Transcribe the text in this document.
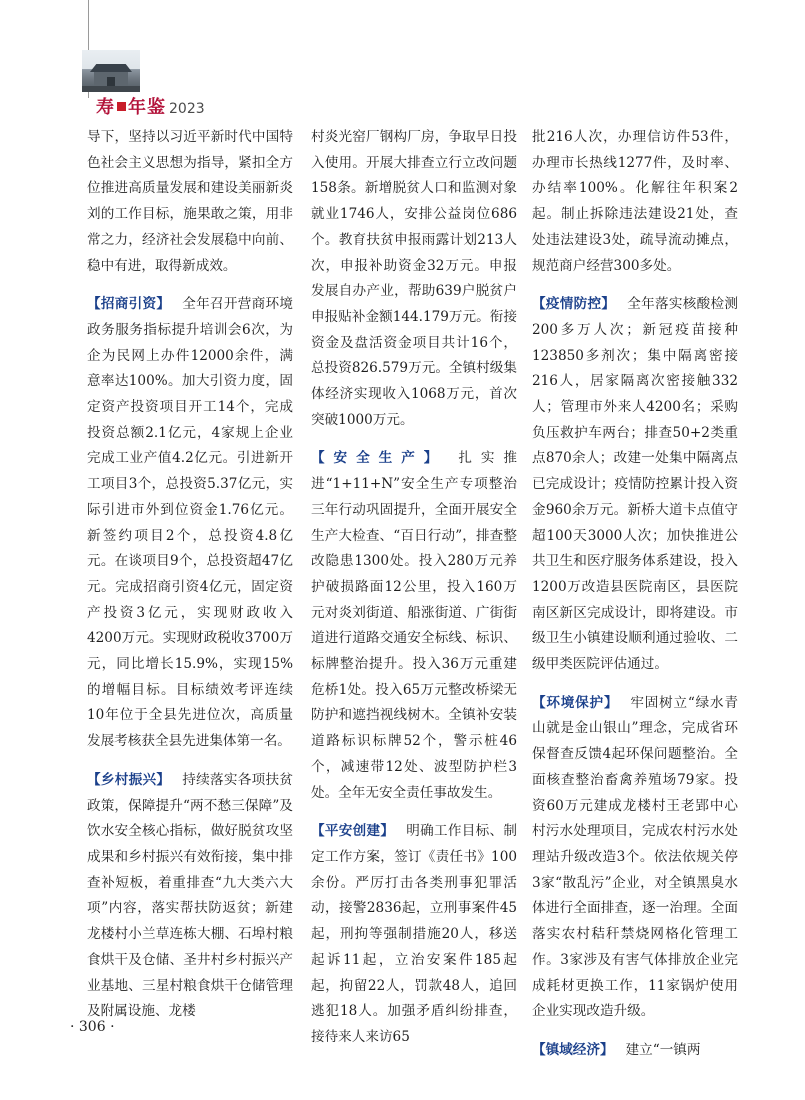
寿 年鉴 2023

导下，坚持以习近平新时代中国特色社会主义思想为指导，紧扣全方位推进高质量发展和建设美丽新炎刘的工作目标，施果敢之策，用非常之力，经济社会发展稳中向前、稳中有进，取得新成效。

【招商引资】 全年召开营商环境政务服务指标提升培训会6次，为企为民网上办件12000余件，满意率达100%。加大引资力度，固定资产投资项目开工14个，完成投资总额2.1亿元，4家规上企业完成工业产值4.2亿元。引进新开工项目3个，总投资5.37亿元，实际引进市外到位资金1.76亿元。新签约项目2个，总投资4.8亿元。在谈项目9个，总投资超47亿元。完成招商引资4亿元，固定资产投资3亿元，实现财政收入4200万元。实现财政税收3700万元，同比增长15.9%，实现15%的增幅目标。目标绩效考评连续10年位于全县先进位次，高质量发展考核获全县先进集体第一名。

【乡村振兴】 持续落实各项扶贫政策，保障提升“两不愁三保障”及饮水安全核心指标，做好脱贫攻坚成果和乡村振兴有效衔接，集中排查补短板，着重排查“九大类六大项”内容，落实帮扶防返贫；新建龙楼村小兰草连栋大棚、石埠村粮食烘干及仓储、圣井村乡村振兴产业基地、三星村粮食烘干仓储管理及附属设施、龙楼

村炎光窑厂钢构厂房，争取早日投入使用。开展大排查立行立改问题158条。新增脱贫人口和监测对象就业1746人，安排公益岗位686个。教育扶贫申报雨露计划213人次，申报补助资金32万元。申报发展自办产业，帮助639户脱贫户申报贴补金额144.179万元。衔接资金及盘活资金项目共计16个，总投资826.579万元。全镇村级集体经济实现收入1068万元，首次突破1000万元。

【安全生产】 扎实推进“1+11+N”安全生产专项整治三年行动巩固提升，全面开展安全生产大检查、“百日行动”，排查整改隐患1300处。投入280万元养护破损路面12公里，投入160万元对炎刘街道、船涨街道、广街街道进行道路交通安全标线、标识、标牌整治提升。投入36万元重建危桥1处。投入65万元整改桥梁无防护和遮挡视线树木。全镇补安装道路标识标牌52个，警示桩46个，减速带12处、波型防护栏3处。全年无安全责任事故发生。

【平安创建】 明确工作目标、制定工作方案，签订《责任书》100余份。严厉打击各类刑事犯罪活动，接警2836起，立刑事案件45起，刑拘等强制措施20人，移送起诉11起，立治安案件185起起，拘留22人，罚款48人，追回逃犯18人。加强矛盾纠纷排查，接待来人来访65

批216人次，办理信访件53件，办理市长热线1277件，及时率、办结率100%。化解往年积案2起。制止拆除违法建设21处，查处违法建设3处，疏导流动摊点，规范商户经营300多处。

【疫情防控】 全年落实核酸检测200多万人次；新冠疫苗接种123850多剂次；集中隔离密接216人，居家隔离次密接触332人；管理市外来人4200名；采购负压救护车两台；排查50+2类重点870余人；改建一处集中隔离点已完成设计；疫情防控累计投入资金960余万元。新桥大道卡点值守超100天3000人次；加快推进公共卫生和医疗服务体系建设，投入1200万改造县医院南区，县医院南区新区完成设计，即将建设。市级卫生小镇建设顺利通过验收、二级甲类医院评估通过。

【环境保护】 牢固树立“绿水青山就是金山银山”理念，完成省环保督查反馈4起环保问题整治。全面核查整治畜禽养殖场79家。投资60万元建成龙楼村王老郢中心村污水处理项目，完成农村污水处理站升级改造3个。依法依规关停3家“散乱污”企业，对全镇黑臭水体进行全面排查，逐一治理。全面落实农村秸秆禁烧网格化管理工作。3家涉及有害气体排放企业完成耗材更换工作，11家锅炉使用企业实现改造升级。

【镇域经济】 建立“一镇两

· 306 ·
